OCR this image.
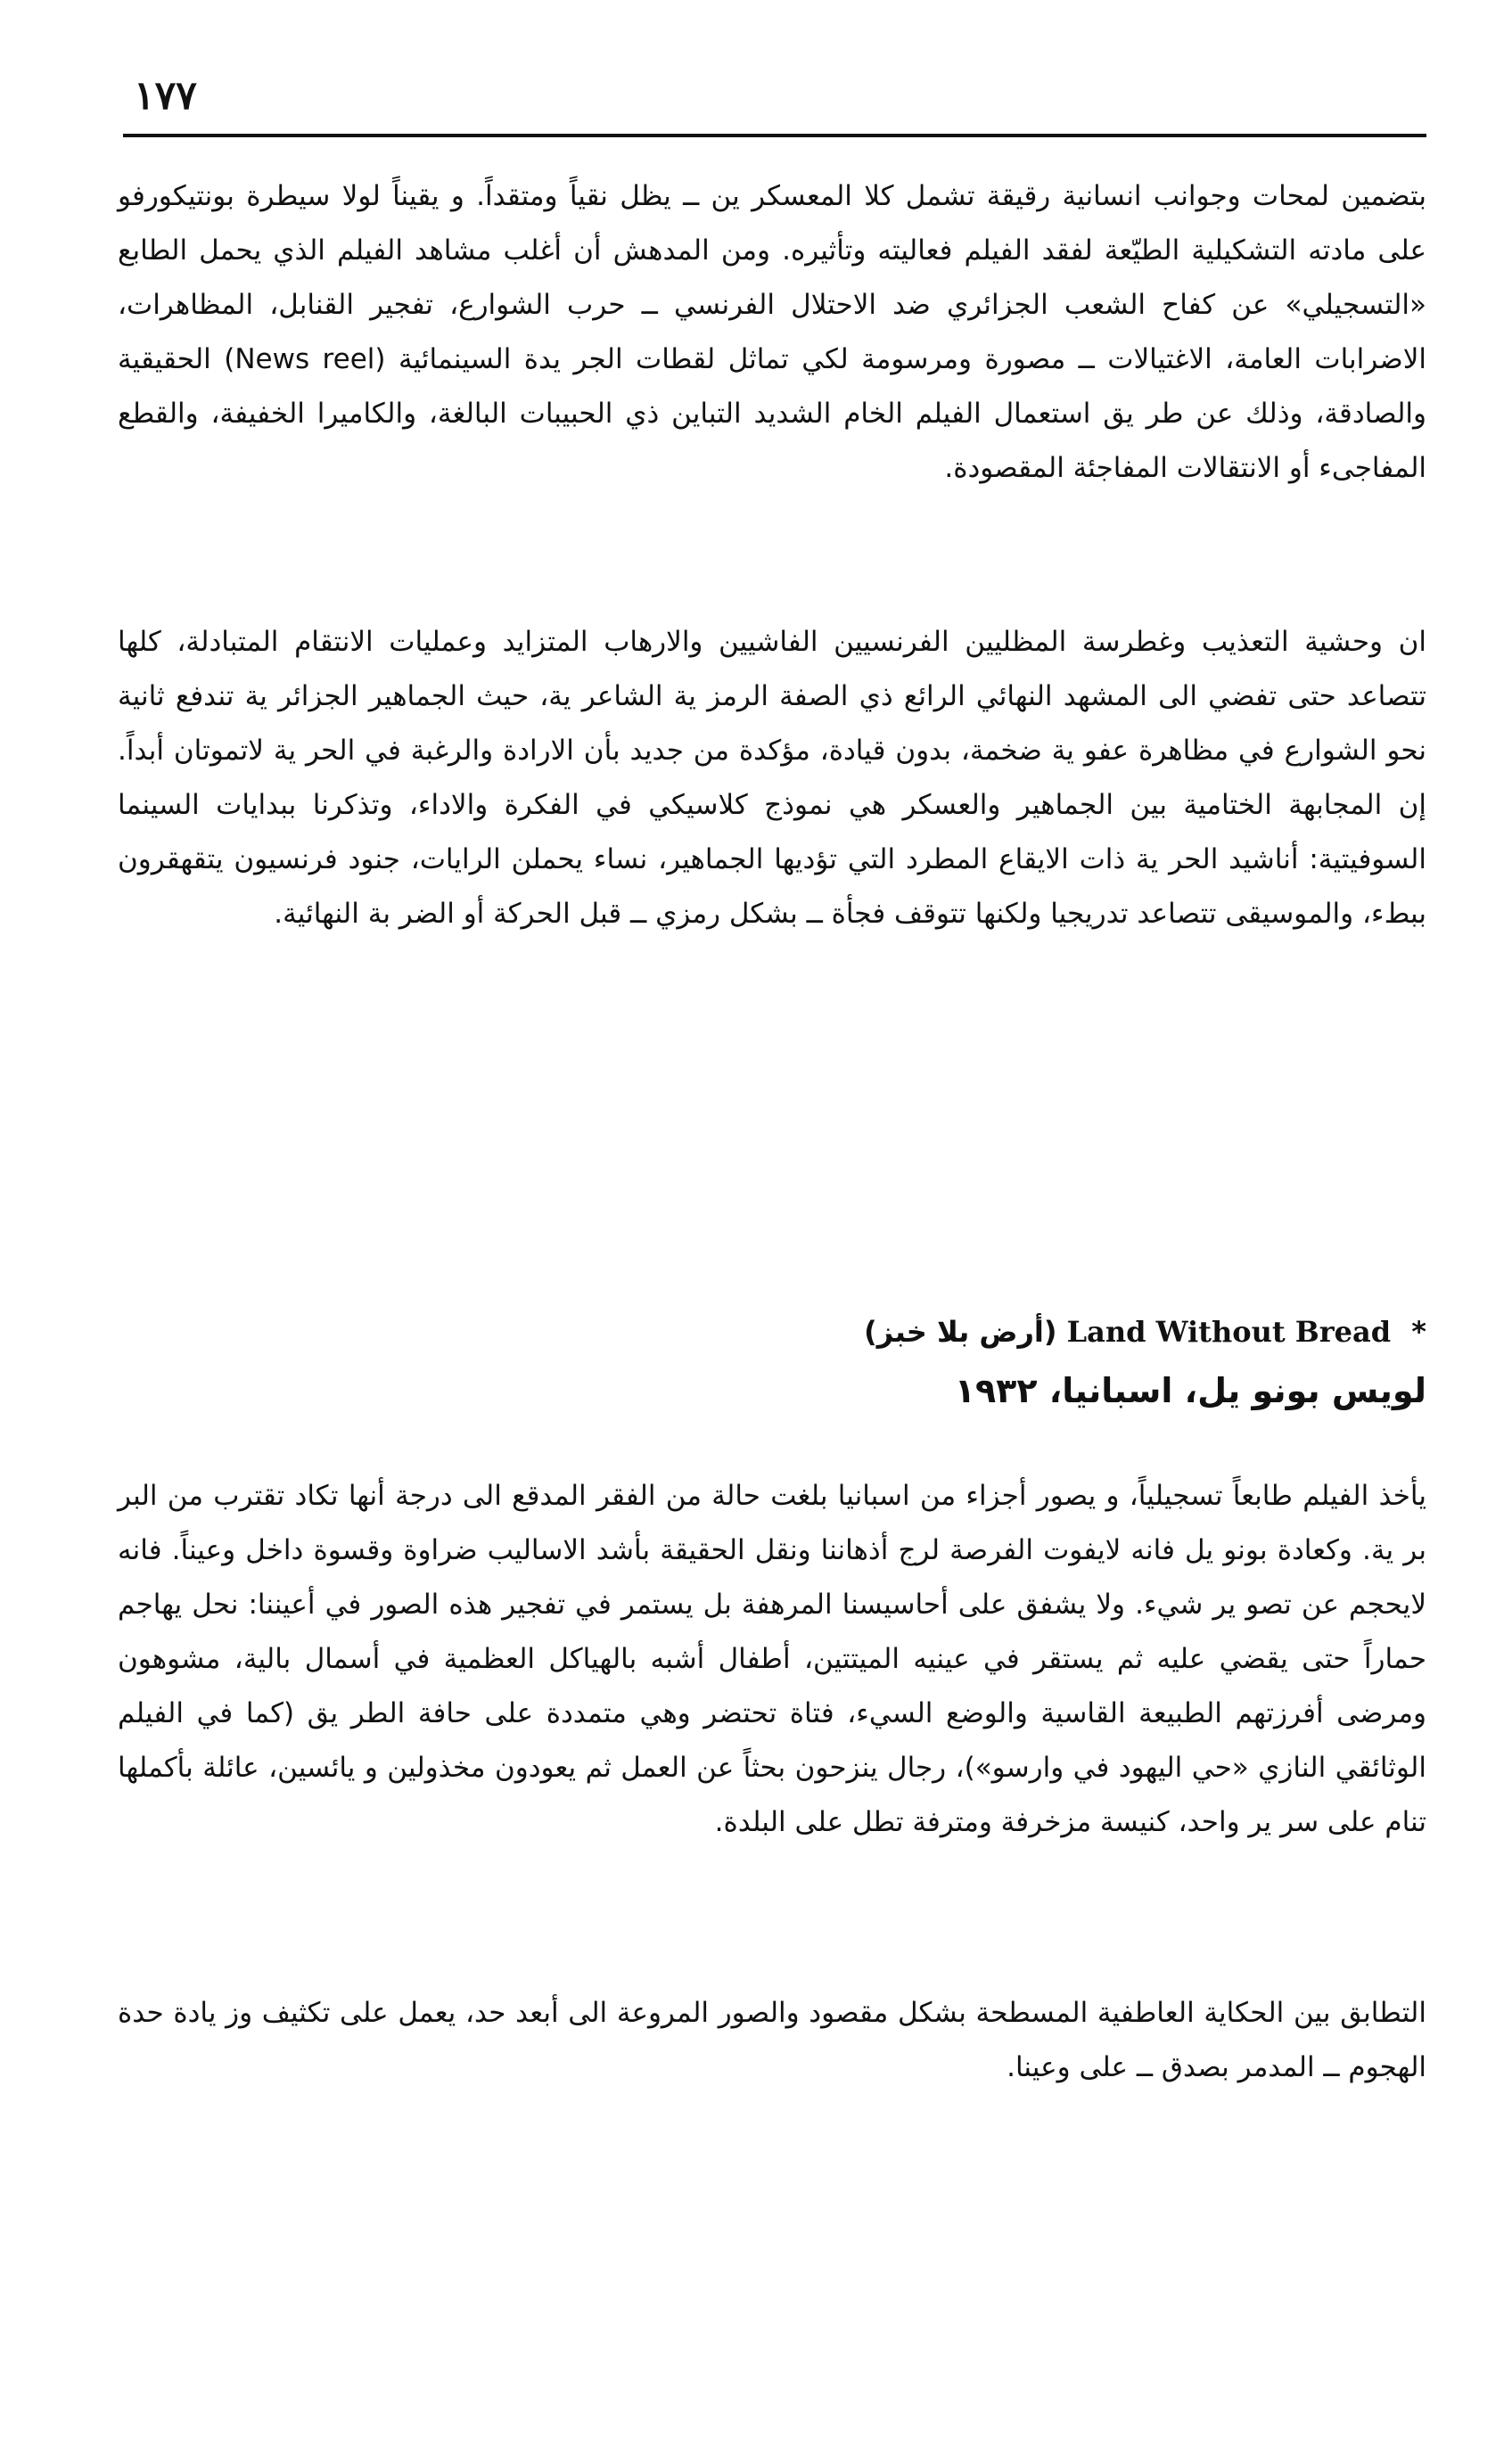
١٧٧

بتضمين لمحات وجوانب انسانية رقيقة تشمل كلا المعسكر ين ــ يظل نقياً ومتقداً. و يقيناً لولا سيطرة بونتيكورفو على مادته التشكيلية الطيّعة لفقد الفيلم فعاليته وتأثيره. ومن المدهش أن أغلب مشاهد الفيلم الذي يحمل الطابع «التسجيلي» عن كفاح الشعب الجزائري ضد الاحتلال الفرنسي ــ حرب الشوارع، تفجير القنابل، المظاهرات، الاضرابات العامة، الاغتيالات ــ مصورة ومرسومة لكي تماثل لقطات الجر يدة السينمائية (News reel) الحقيقية والصادقة، وذلك عن طر يق استعمال الفيلم الخام الشديد التباين ذي الحبيبات البالغة، والكاميرا الخفيفة، والقطع المفاجىء أو الانتقالات المفاجئة المقصودة.

ان وحشية التعذيب وغطرسة المظليين الفرنسيين الفاشيين والارهاب المتزايد وعمليات الانتقام المتبادلة، كلها تتصاعد حتى تفضي الى المشهد النهائي الرائع ذي الصفة الرمز ية الشاعر ية، حيث الجماهير الجزائر ية تندفع ثانية نحو الشوارع في مظاهرة عفو ية ضخمة، بدون قيادة، مؤكدة من جديد بأن الارادة والرغبة في الحر ية لاتموتان أبداً. إن المجابهة الختامية بين الجماهير والعسكر هي نموذج كلاسيكي في الفكرة والاداء، وتذكرنا ببدايات السينما السوفيتية: أناشيد الحر ية ذات الايقاع المطرد التي تؤديها الجماهير، نساء يحملن الرايات، جنود فرنسيون يتقهقرون ببطء، والموسيقى تتصاعد تدريجيا ولكنها تتوقف فجأة ــ بشكل رمزي ــ قبل الحركة أو الضر بة النهائية.

* Land Without Bread (أرض بلا خبز)
لويس بونو يل، اسبانيا، ١٩٣٢

يأخذ الفيلم طابعاً تسجيلياً، و يصور أجزاء من اسبانيا بلغت حالة من الفقر المدقع الى درجة أنها تكاد تقترب من البر بر ية. وكعادة بونو يل فانه لايفوت الفرصة لرج أذهاننا ونقل الحقيقة بأشد الاساليب ضراوة وقسوة داخل وعيناً. فانه لايحجم عن تصو ير شيء. ولا يشفق على أحاسيسنا المرهفة بل يستمر في تفجير هذه الصور في أعيننا: نحل يهاجم حماراً حتى يقضي عليه ثم يستقر في عينيه الميتتين، أطفال أشبه بالهياكل العظمية في أسمال بالية، مشوهون ومرضى أفرزتهم الطبيعة القاسية والوضع السيء، فتاة تحتضر وهي متمددة على حافة الطر يق (كما في الفيلم الوثائقي النازي «حي اليهود في وارسو»)، رجال ينزحون بحثاً عن العمل ثم يعودون مخذولين و يائسين، عائلة بأكملها تنام على سر ير واحد، كنيسة مزخرفة ومترفة تطل على البلدة.

التطابق بين الحكاية العاطفية المسطحة بشكل مقصود والصور المروعة الى أبعد حد، يعمل على تكثيف وز يادة حدة الهجوم ــ المدمر بصدق ــ على وعينا.
